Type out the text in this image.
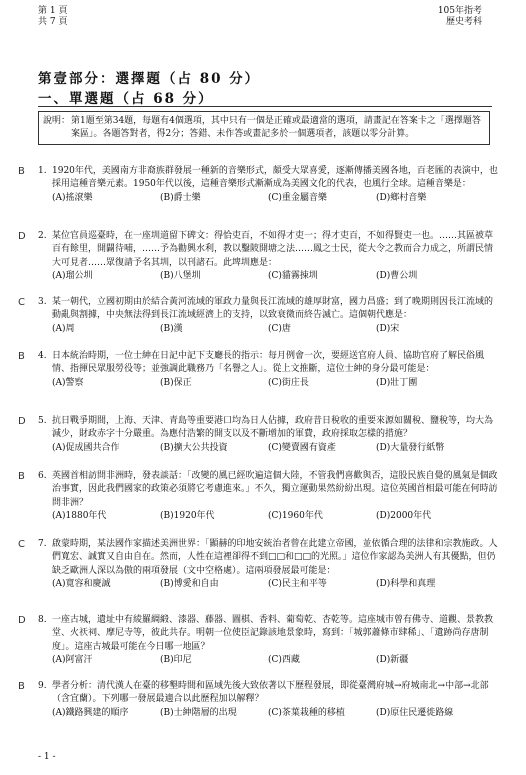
第 1 頁
共 7 頁
105年指考
歷史考科
第壹部分：選擇題（占 80 分）
一、單選題（占 68 分）
說明： 第1題至第34題，每題有4個選項，其中只有一個是正確或最適當的選項，請畫記在答案卡之「選擇題答案區」。各題答對者，得2分；答錯、未作答或畫記多於一個選項者，該題以零分計算。
B 1. 1920年代，美國南方非裔族群發展一種新的音樂形式，頗受大眾喜愛，逐漸傳播美國各地，百老匯的表演中，也採用這種音樂元素。1950年代以後，這種音樂形式漸漸成為美國文化的代表，也風行全球。這種音樂是：
(A)搖滾樂	(B)爵士樂	(C)重金屬音樂	(D)鄉村音樂
D 2. 某位官員巡臺時，在一座圳道留下碑文：得恰吏百，不如得才吏一；得才吏百，不如得賢吏一也。……其區被草百有餘里，開闢待哺，……予為勸興水利，教以鑿陂開塘之法……鳳之士民，從大令之教而合力成之，所謂民情大可見者……眾復請予名其圳，以刊諸石。此埤圳應是：
(A)瑠公圳	(B)八堡圳	(C)貓霧捒圳	(D)曹公圳
C 3. 某一朝代，立國初期由於結合黃河流域的軍政力量與長江流域的雄厚財富，國力昌盛；到了晚期則因長江流域的動亂與割據，中央無法得到長江流域經濟上的支持，以致衰微而終告滅亡。這個朝代應是：
(A)周	(B)漢	(C)唐	(D)宋
B 4. 日本統治時期，一位士紳在日記中記下支廳長的指示：每月例會一次，要經送官府人員、協助官府了解民俗風情、指揮民眾服勞役等；並強調此職務乃「名譽之人」。從上文推斷，這位士紳的身分最可能是：
(A)警察	(B)保正	(C)街庄長	(D)壯丁團
D 5. 抗日戰爭期間，上海、天津、青島等重要港口均為日人佔據，政府昔日稅收的重要來源如關稅、鹽稅等，均大為減少，財政赤字十分嚴重。為應付浩繁的開支以及不斷增加的軍費，政府採取怎樣的措施？
(A)促成國共合作	(B)擴大公共投資	(C)變賣國有資產	(D)大量發行紙幣
B 6. 英國首相訪問非洲時，發表談話：「改變的風已經吹遍這個大陸，不管我們喜歡與否，這股民族自覺的風氣是個政治事實，因此我們國家的政策必須將它考慮進來。」不久，獨立運動果然紛紛出現。這位英國首相最可能在何時訪問非洲？
(A)1880年代	(B)1920年代	(C)1960年代	(D)2000年代
C 7. 啟蒙時期，某法國作家描述美洲世界：「顯赫的印地安統治者曾在此建立帝國，並依循合理的法律和宗教施政。人們寬宏、誠實又自由自在。然而，人性在這裡卻得不到□□和□□的光照。」這位作家認為美洲人有其優點，但仍缺乏歐洲人深以為傲的兩項發展（文中空格處）。這兩項發展最可能是：
(A)寬容和慶誠	(B)博愛和自由	(C)民主和平等	(D)科學和真理
D 8. 一座古城，遺址中有綾羅綢緞、漆器、藤器、圖棋、香料、葡萄乾、杏乾等。這座城市曾有佛寺、道觀、景教教堂、火祆祠、摩尼寺等，彼此共存。明朝一位使臣記錄該地景象時，寫到：「城郭蕭條市肆稀」、「遺跡尚存唐制度」。這座古城最可能在今日哪一地區？
(A)阿富汗	(B)印尼	(C)西藏	(D)新疆
B 9. 學者分析：清代漢人在臺的移墾時間和區域先後大致依著以下歷程發展，即從臺灣府城→府城南北→中部→北部（含宜蘭）。下列哪一發展最適合以此歷程加以解釋？
(A)鐵路興建的順序	(B)士紳階層的出現	(C)茶葉栽種的移植	(D)原住民遷徙路線
- 1 -
